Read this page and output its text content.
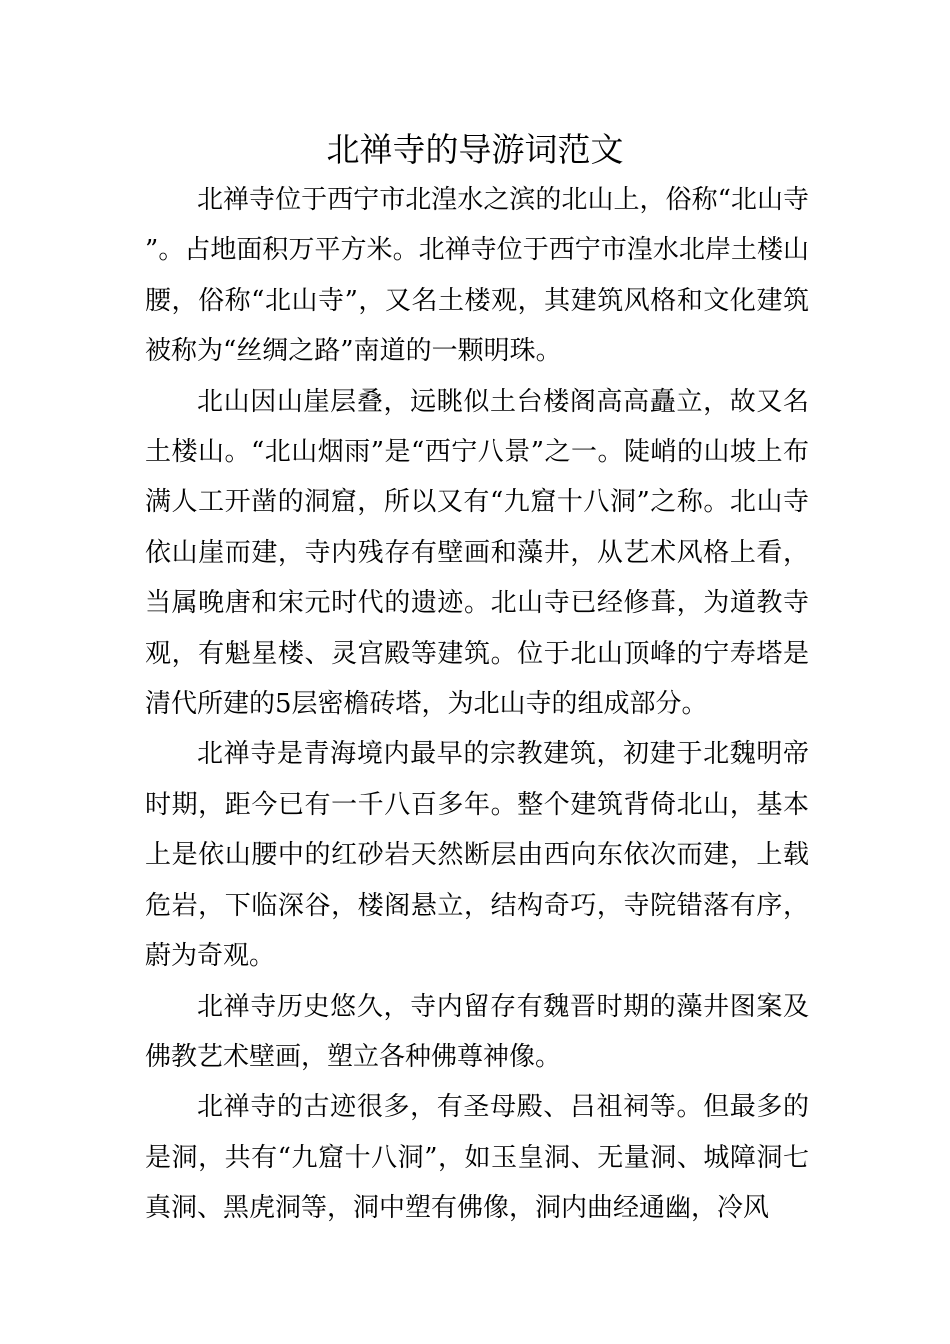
北禅寺的导游词范文

北禅寺位于西宁市北湟水之滨的北山上，俗称“北山寺”。占地面积万平方米。北禅寺位于西宁市湟水北岸土楼山腰，俗称“北山寺”，又名土楼观，其建筑风格和文化建筑被称为“丝绸之路”南道的一颗明珠。

北山因山崖层叠，远眺似土台楼阁高高矗立，故又名土楼山。“北山烟雨”是“西宁八景”之一。陡峭的山坡上布满人工开凿的洞窟，所以又有“九窟十八洞”之称。北山寺依山崖而建，寺内残存有壁画和藻井，从艺术风格上看，当属晚唐和宋元时代的遗迹。北山寺已经修葺，为道教寺观，有魁星楼、灵宫殿等建筑。位于北山顶峰的宁寿塔是清代所建的5层密檐砖塔，为北山寺的组成部分。

北禅寺是青海境内最早的宗教建筑，初建于北魏明帝时期，距今已有一千八百多年。整个建筑背倚北山，基本上是依山腰中的红砂岩天然断层由西向东依次而建，上载危岩，下临深谷，楼阁悬立，结构奇巧，寺院错落有序，蔚为奇观。

北禅寺历史悠久，寺内留存有魏晋时期的藻井图案及佛教艺术壁画，塑立各种佛尊神像。

北禅寺的古迹很多，有圣母殿、吕祖祠等。但最多的是洞，共有“九窟十八洞”，如玉皇洞、无量洞、城障洞七真洞、黑虎洞等，洞中塑有佛像，洞内曲经通幽，冷风
